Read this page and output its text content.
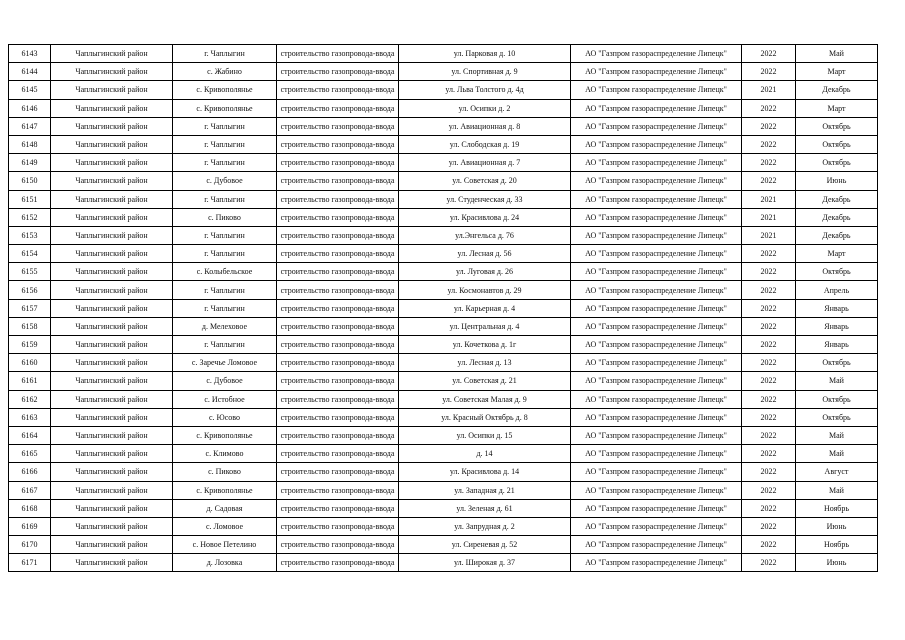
6143	Чаплыгинский район	г. Чаплыгин	строительство газопровода-ввода	ул. Парковая д. 10	АО "Газпром газораспределение Липецк"	2022	Май
6144	Чаплыгинский район	с. Жабино	строительство газопровода-ввода	ул. Спортивная д. 9	АО "Газпром газораспределение Липецк"	2022	Март
6145	Чаплыгинский район	с. Кривополянье	строительство газопровода-ввода	ул. Льва Толстого д. 4д	АО "Газпром газораспределение Липецк"	2021	Декабрь
6146	Чаплыгинский район	с. Кривополянье	строительство газопровода-ввода	ул. Осипки д. 2	АО "Газпром газораспределение Липецк"	2022	Март
6147	Чаплыгинский район	г. Чаплыгин	строительство газопровода-ввода	ул. Авиационная д. 8	АО "Газпром газораспределение Липецк"	2022	Октябрь
6148	Чаплыгинский район	г. Чаплыгин	строительство газопровода-ввода	ул. Слободская д. 19	АО "Газпром газораспределение Липецк"	2022	Октябрь
6149	Чаплыгинский район	г. Чаплыгин	строительство газопровода-ввода	ул. Авиационная д. 7	АО "Газпром газораспределение Липецк"	2022	Октябрь
6150	Чаплыгинский район	с. Дубовое	строительство газопровода-ввода	ул. Советская д. 20	АО "Газпром газораспределение Липецк"	2022	Июнь
6151	Чаплыгинский район	г. Чаплыгин	строительство газопровода-ввода	ул. Студенческая д. 33	АО "Газпром газораспределение Липецк"	2021	Декабрь
6152	Чаплыгинский район	с. Пиково	строительство газопровода-ввода	ул. Красивлова д. 24	АО "Газпром газораспределение Липецк"	2021	Декабрь
6153	Чаплыгинский район	г. Чаплыгин	строительство газопровода-ввода	ул.Энгельса д. 76	АО "Газпром газораспределение Липецк"	2021	Декабрь
6154	Чаплыгинский район	г. Чаплыгин	строительство газопровода-ввода	ул. Лесная д. 56	АО "Газпром газораспределение Липецк"	2022	Март
6155	Чаплыгинский район	с. Колыбельское	строительство газопровода-ввода	ул. Луговая д. 26	АО "Газпром газораспределение Липецк"	2022	Октябрь
6156	Чаплыгинский район	г. Чаплыгин	строительство газопровода-ввода	ул. Космонавтов д. 29	АО "Газпром газораспределение Липецк"	2022	Апрель
6157	Чаплыгинский район	г. Чаплыгин	строительство газопровода-ввода	ул. Карьерная д. 4	АО "Газпром газораспределение Липецк"	2022	Январь
6158	Чаплыгинский район	д. Мелеховое	строительство газопровода-ввода	ул. Центральная д. 4	АО "Газпром газораспределение Липецк"	2022	Январь
6159	Чаплыгинский район	г. Чаплыгин	строительство газопровода-ввода	ул. Кочеткова д. 1г	АО "Газпром газораспределение Липецк"	2022	Январь
6160	Чаплыгинский район	с. Заречье Ломовое	строительство газопровода-ввода	ул. Лесная д. 13	АО "Газпром газораспределение Липецк"	2022	Октябрь
6161	Чаплыгинский район	с. Дубовое	строительство газопровода-ввода	ул. Советская д. 21	АО "Газпром газораспределение Липецк"	2022	Май
6162	Чаплыгинский район	с. Истобное	строительство газопровода-ввода	ул. Советская Малая д. 9	АО "Газпром газораспределение Липецк"	2022	Октябрь
6163	Чаплыгинский район	с. Юсово	строительство газопровода-ввода	ул. Красный Октябрь д. 8	АО "Газпром газораспределение Липецк"	2022	Октябрь
6164	Чаплыгинский район	с. Кривополянье	строительство газопровода-ввода	ул. Осипки д. 15	АО "Газпром газораспределение Липецк"	2022	Май
6165	Чаплыгинский район	с. Климово	строительство газопровода-ввода	д. 14	АО "Газпром газораспределение Липецк"	2022	Май
6166	Чаплыгинский район	с. Пиково	строительство газопровода-ввода	ул. Красивлова д. 14	АО "Газпром газораспределение Липецк"	2022	Август
6167	Чаплыгинский район	с. Кривополянье	строительство газопровода-ввода	ул. Западная д. 21	АО "Газпром газораспределение Липецк"	2022	Май
6168	Чаплыгинский район	д. Садовая	строительство газопровода-ввода	ул. Зеленая д. 61	АО "Газпром газораспределение Липецк"	2022	Ноябрь
6169	Чаплыгинский район	с. Ломовое	строительство газопровода-ввода	ул. Запрудная д. 2	АО "Газпром газораспределение Липецк"	2022	Июнь
6170	Чаплыгинский район	с. Новое Петелино	строительство газопровода-ввода	ул. Сиреневая д. 52	АО "Газпром газораспределение Липецк"	2022	Ноябрь
6171	Чаплыгинский район	д. Лозовка	строительство газопровода-ввода	ул. Широкая д. 37	АО "Газпром газораспределение Липецк"	2022	Июнь
